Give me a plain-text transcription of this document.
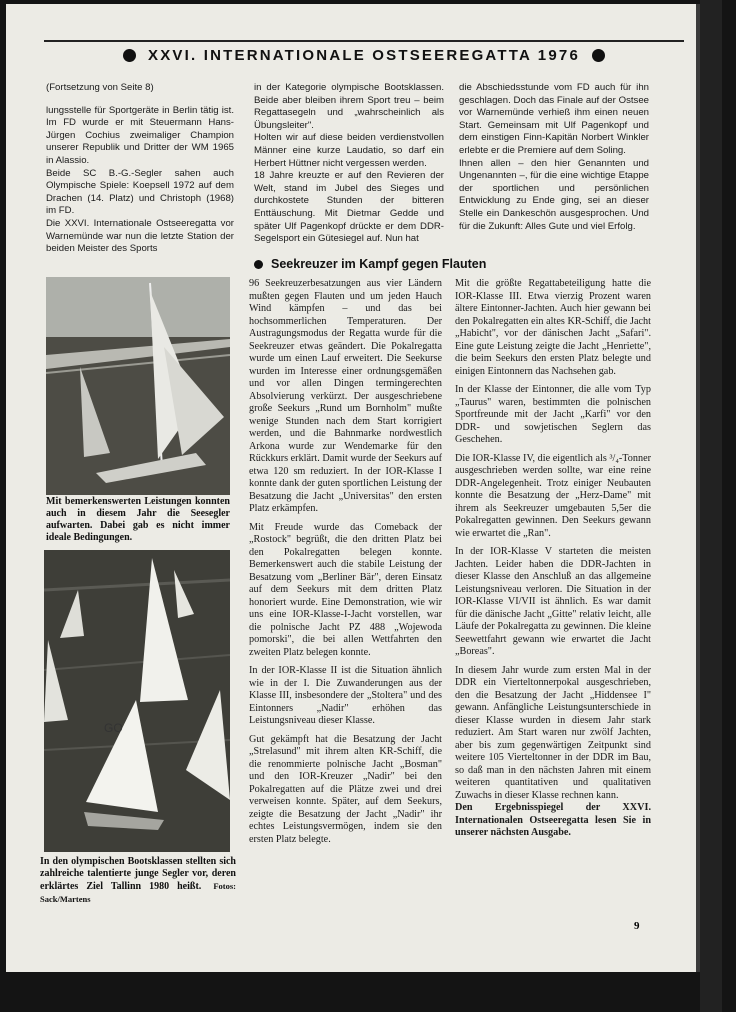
XXVI. INTERNATIONALE OSTSEEREGATTA 1976

(Fortsetzung von Seite 8)

lungsstelle für Sportgeräte in Berlin tätig ist. Im FD wurde er mit Steuermann Hans-Jürgen Cochius zweimaliger Champion unserer Republik und Dritter der WM 1965 in Alassio.

Beide SC B.-G.-Segler sahen auch Olympische Spiele: Koepsell 1972 auf dem Drachen (14. Platz) und Christoph (1968) im FD.

Die XXVI. Internationale Ostseeregatta vor Warnemünde war nun die letzte Station der beiden Meister des Sports

in der Kategorie olympische Bootsklassen. Beide aber bleiben ihrem Sport treu – beim Regattasegeln und „wahrscheinlich als Übungsleiter".

Holten wir auf diese beiden verdienstvollen Männer eine kurze Laudatio, so darf ein Herbert Hüttner nicht vergessen werden.

18 Jahre kreuzte er auf den Revieren der Welt, stand im Jubel des Sieges und durchkostete Stunden der bitteren Enttäuschung. Mit Dietmar Gedde und später Ulf Pagenkopf drückte er dem DDR-Segelsport ein Gütesiegel auf. Nun hat

die Abschiedsstunde vom FD auch für ihn geschlagen. Doch das Finale auf der Ostsee vor Warnemünde verhieß ihm einen neuen Start. Gemeinsam mit Ulf Pagenkopf und dem einstigen Finn-Kapitän Norbert Winkler erlebte er die Premiere auf dem Soling.

Ihnen allen – den hier Genannten und Ungenannten –, für die eine wichtige Etappe der sportlichen und persönlichen Entwicklung zu Ende ging, sei an dieser Stelle ein Dankeschön ausgesprochen. Und für die Zukunft: Alles Gute und viel Erfolg.

Seekreuzer im Kampf gegen Flauten
Mit bemerkenswerten Leistungen konnten auch in diesem Jahr die Seesegler aufwarten. Dabei gab es nicht immer ideale Bedingungen.
GO
In den olympischen Bootsklassen stellten sich zahlreiche talentierte junge Segler vor, deren erklärtes Ziel Tallinn 1980 heißt. Fotos: Sack/Martens

96 Seekreuzerbesatzungen aus vier Ländern mußten gegen Flauten und um jeden Hauch Wind kämpfen – und das bei hochsommerlichen Temperaturen. Der Austragungsmodus der Regatta wurde für die Seekreuzer etwas geändert. Die Pokalregatta wurde um einen Lauf erweitert. Die Seekurse wurden im Interesse einer ordnungsgemäßen und vor allen Dingen termingerechten Absolvierung verkürzt. Der ausgeschriebene große Seekurs „Rund um Bornholm" mußte wenige Stunden nach dem Start korrigiert werden, und die Bahnmarke nordwestlich Arkona wurde zur Wendemarke für den Rückkurs erklärt. Damit wurde der Seekurs auf etwa 120 sm reduziert. In der IOR-Klasse I konnte dank der guten sportlichen Leistung der Besatzung die Jacht „Universitas" den ersten Platz erkämpfen.

Mit Freude wurde das Comeback der „Rostock" begrüßt, die den dritten Platz bei den Pokalregatten belegen konnte. Bemerkenswert auch die stabile Leistung der Besatzung vom „Berliner Bär", deren Einsatz auf dem Seekurs mit dem dritten Platz honoriert wurde. Eine Demonstration, wie wir uns eine IOR-Klasse-I-Jacht vorstellen, war die polnische Jacht PZ 488 „Wojewoda pomorski", die bei allen Wettfahrten den zweiten Platz belegen konnte.

In der IOR-Klasse II ist die Situation ähnlich wie in der I. Die Zuwanderungen aus der Klasse III, insbesondere der „Stoltera" und des Eintonners „Nadir" erhöhen das Leistungsniveau dieser Klasse.

Gut gekämpft hat die Besatzung der Jacht „Strelasund" mit ihrem alten KR-Schiff, die die renommierte polnische Jacht „Bosman" und den IOR-Kreuzer „Nadir" bei den Pokalregatten auf die Plätze zwei und drei verweisen konnte. Später, auf dem Seekurs, zeigte die Besatzung der Jacht „Nadir" ihr echtes Leistungsvermögen, indem sie den ersten Platz belegte.

Mit die größte Regattabeteiligung hatte die IOR-Klasse III. Etwa vierzig Prozent waren ältere Eintonner-Jachten. Auch hier gewann bei den Pokalregatten ein altes KR-Schiff, die Jacht „Habicht", vor der dänischen Jacht „Safari". Eine gute Leistung zeigte die Jacht „Henriette", die beim Seekurs den ersten Platz belegte und einigen Eintonnern das Nachsehen gab.

In der Klasse der Eintonner, die alle vom Typ „Taurus" waren, bestimmten die polnischen Sportfreunde mit der Jacht „Karfi" vor den DDR- und sowjetischen Seglern das Geschehen.

Die IOR-Klasse IV, die eigentlich als ³/₄-Tonner ausgeschrieben werden sollte, war eine reine DDR-Angelegenheit. Trotz einiger Neubauten konnte die Besatzung der „Herz-Dame" mit ihrem als Seekreuzer umgebauten 5,5er die Pokalregatten gewinnen. Den Seekurs gewann wie erwartet die „Ran".

In der IOR-Klasse V starteten die meisten Jachten. Leider haben die DDR-Jachten in dieser Klasse den Anschluß an das allgemeine Leistungsniveau verloren. Die Situation in der IOR-Klasse VI/VII ist ähnlich. Es war damit für die dänische Jacht „Gitte" relativ leicht, alle Läufe der Pokalregatta zu gewinnen. Die kleine Seewettfahrt gewann wie erwartet die Jacht „Boreas".

In diesem Jahr wurde zum ersten Mal in der DDR ein Vierteltonnerpokal ausgeschrieben, den die Besatzung der Jacht „Hiddensee I" gewann. Anfängliche Leistungsunterschiede in dieser Klasse wurden in diesem Jahr stark reduziert. Am Start waren nur zwölf Jachten, aber bis zum gegenwärtigen Zeitpunkt sind weitere 105 Vierteltonner in der DDR im Bau, so daß man in den nächsten Jahren mit einem weiteren quantitativen und qualitativen Zuwachs in dieser Klasse rechnen kann.

Den Ergebnisspiegel der XXVI. Internationalen Ostseeregatta lesen Sie in unserer nächsten Ausgabe.

9
